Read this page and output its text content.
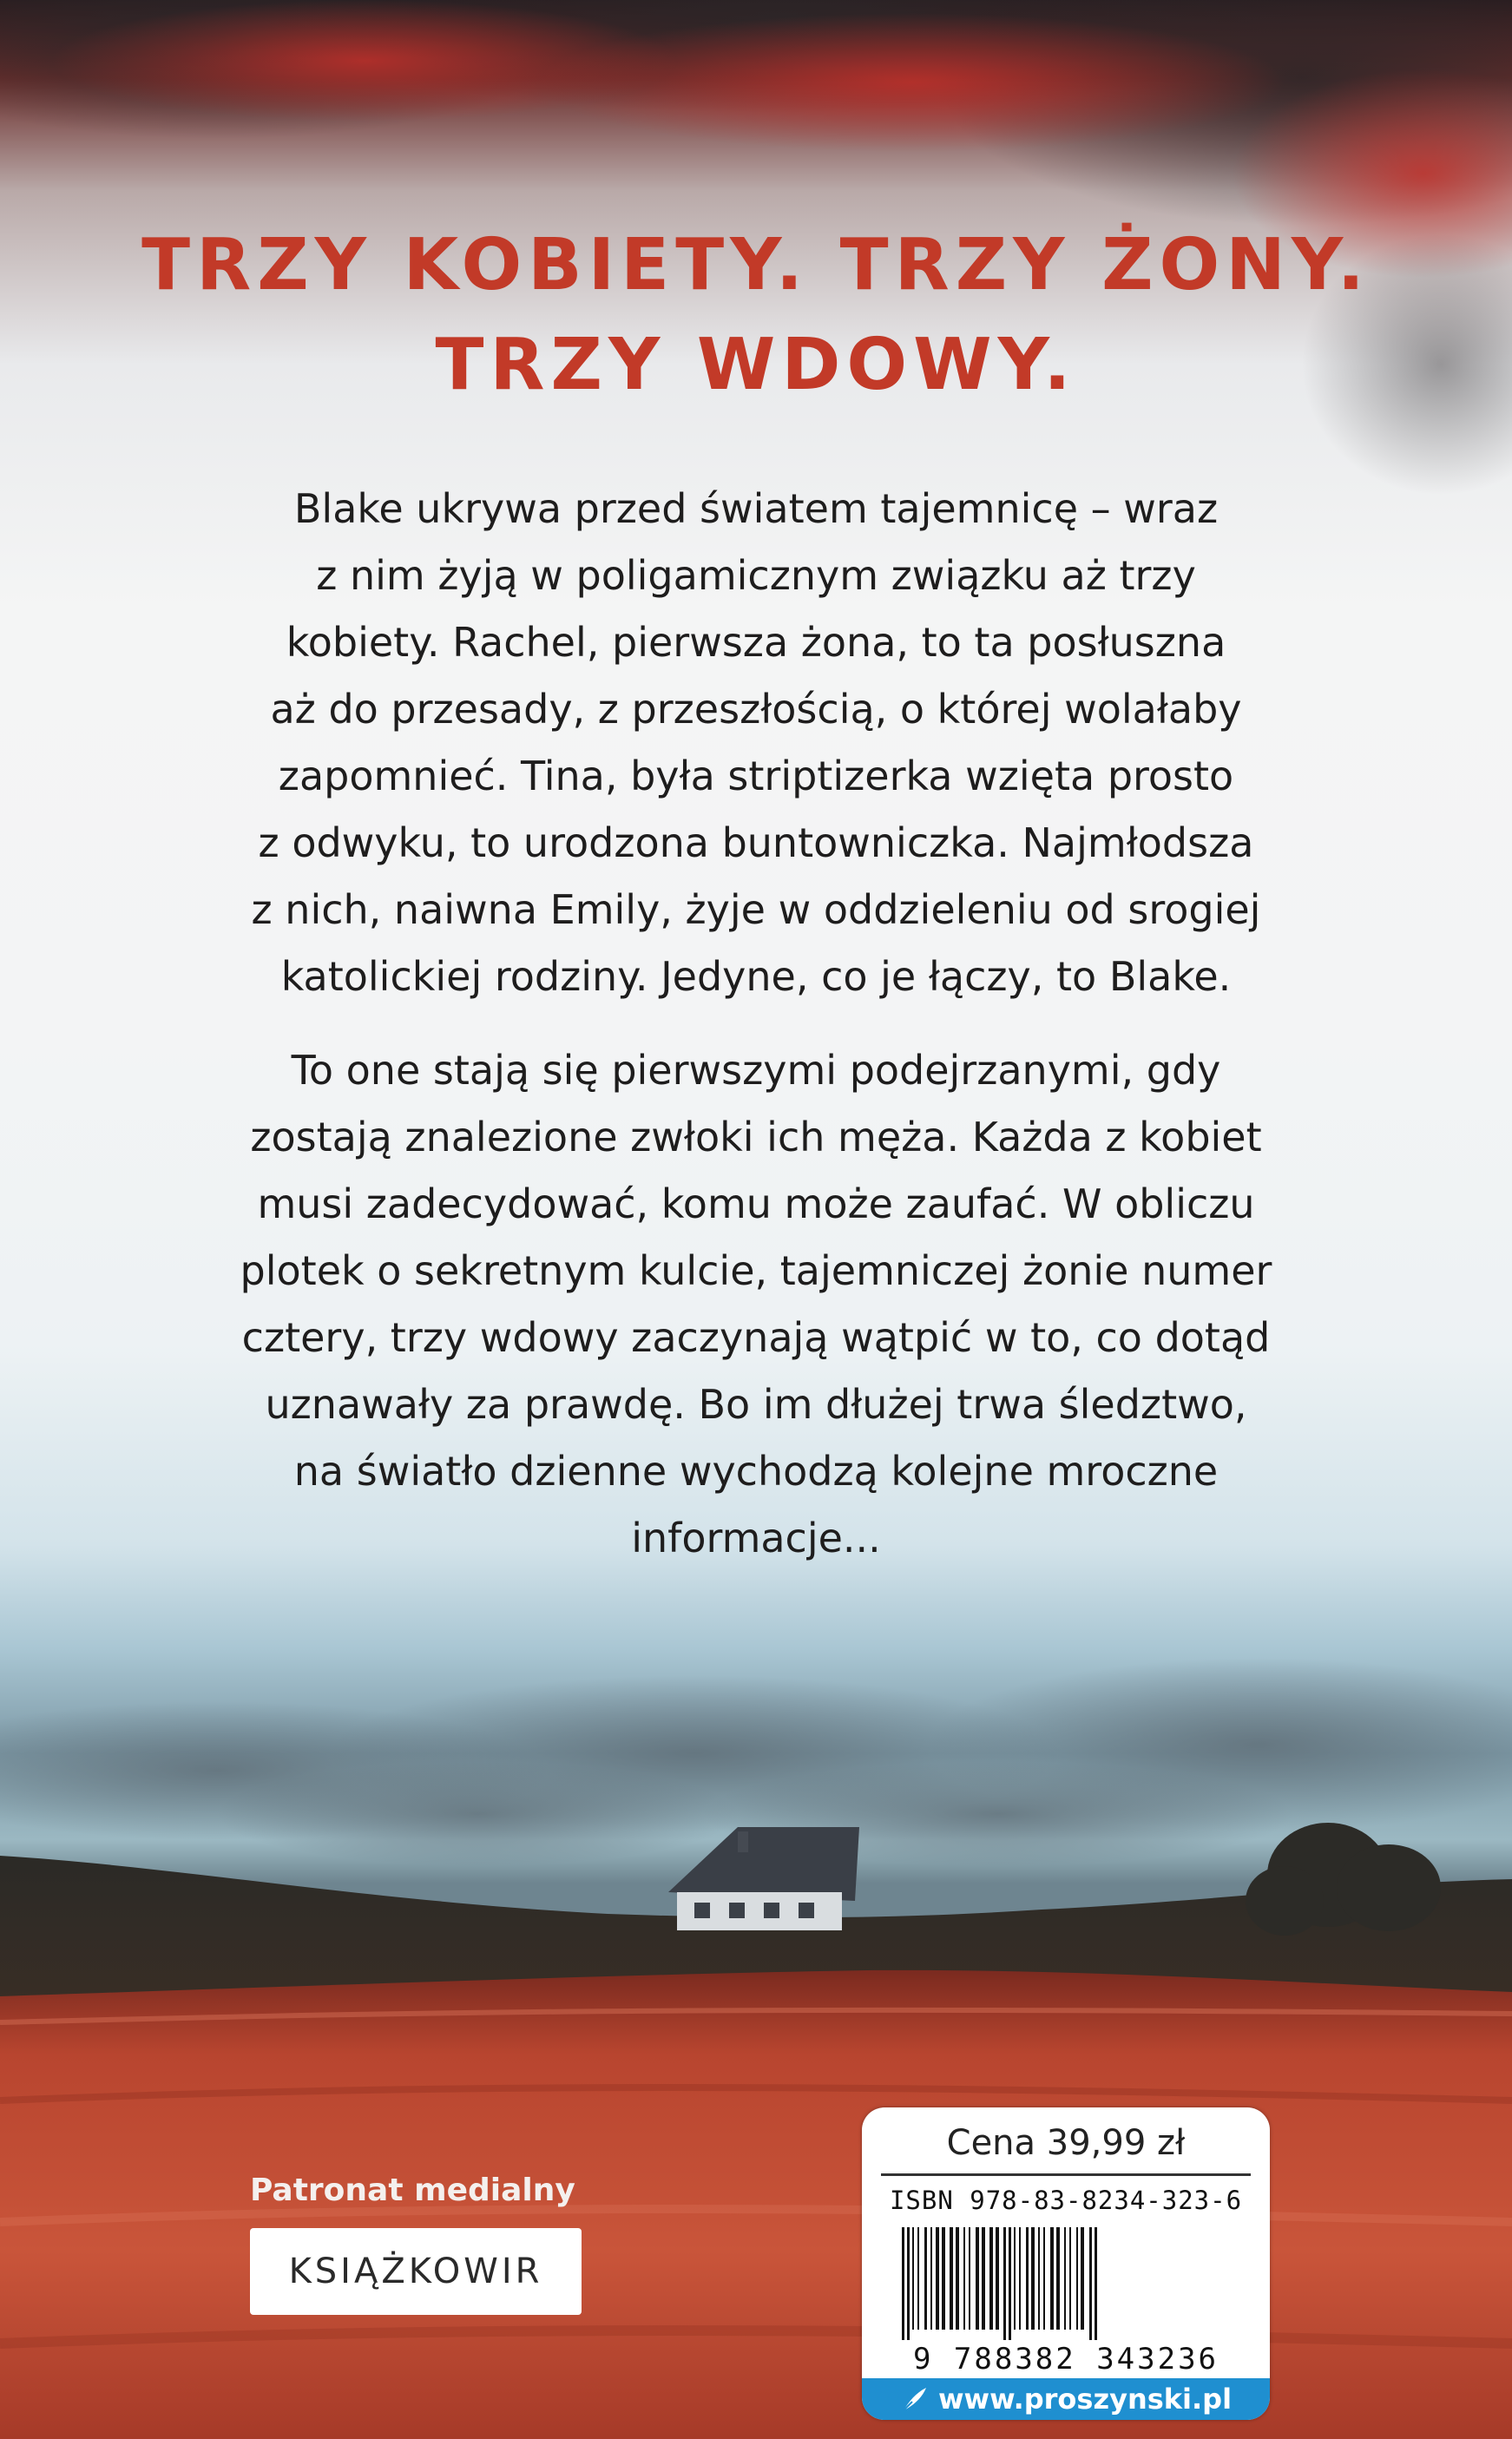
TRZY KOBIETY. TRZY ŻONY.
TRZY WDOWY.
Blake ukrywa przed światem tajemnicę – wraz
z nim żyją w poligamicznym związku aż trzy
kobiety. Rachel, pierwsza żona, to ta posłuszna
aż do przesady, z przeszłością, o której wolałaby
zapomnieć. Tina, była striptizerka wzięta prosto
z odwyku, to urodzona buntowniczka. Najmłodsza
z nich, naiwna Emily, żyje w oddzieleniu od srogiej
katolickiej rodziny. Jedyne, co je łączy, to Blake.
To one stają się pierwszymi podejrzanymi, gdy
zostają znalezione zwłoki ich męża. Każda z kobiet
musi zadecydować, komu może zaufać. W obliczu
plotek o sekretnym kulcie, tajemniczej żonie numer
cztery, trzy wdowy zaczynają wątpić w to, co dotąd
uznawały za prawdę. Bo im dłużej trwa śledztwo,
na światło dzienne wychodzą kolejne mroczne
informacje...
Patronat medialny
KSIĄŻKOWIR
Cena 39,99 zł
ISBN 978-83-8234-323-6
9 788382 343236
www.proszynski.pl
